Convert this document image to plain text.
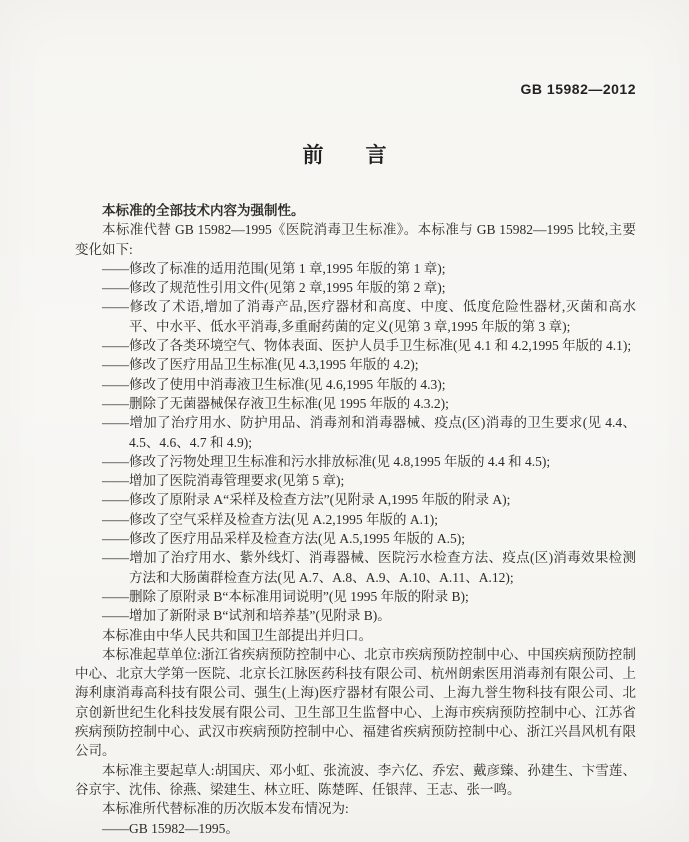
GB 15982—2012
前　　言

本标准的全部技术内容为强制性。

本标准代替 GB 15982—1995《医院消毒卫生标准》。本标准与 GB 15982—1995 比较,主要变化如下:

——修改了标准的适用范围(见第 1 章,1995 年版的第 1 章);

——修改了规范性引用文件(见第 2 章,1995 年版的第 2 章);

——修改了术语,增加了消毒产品,医疗器材和高度、中度、低度危险性器材,灭菌和高水平、中水平、低水平消毒,多重耐药菌的定义(见第 3 章,1995 年版的第 3 章);

——修改了各类环境空气、物体表面、医护人员手卫生标准(见 4.1 和 4.2,1995 年版的 4.1);

——修改了医疗用品卫生标准(见 4.3,1995 年版的 4.2);

——修改了使用中消毒液卫生标准(见 4.6,1995 年版的 4.3);

——删除了无菌器械保存液卫生标准(见 1995 年版的 4.3.2);

——增加了治疗用水、防护用品、消毒剂和消毒器械、疫点(区)消毒的卫生要求(见 4.4、4.5、4.6、4.7 和 4.9);

——修改了污物处理卫生标准和污水排放标准(见 4.8,1995 年版的 4.4 和 4.5);

——增加了医院消毒管理要求(见第 5 章);

——修改了原附录 A“采样及检查方法”(见附录 A,1995 年版的附录 A);

——修改了空气采样及检查方法(见 A.2,1995 年版的 A.1);

——修改了医疗用品采样及检查方法(见 A.5,1995 年版的 A.5);

——增加了治疗用水、紫外线灯、消毒器械、医院污水检查方法、疫点(区)消毒效果检测方法和大肠菌群检查方法(见 A.7、A.8、A.9、A.10、A.11、A.12);

——删除了原附录 B“本标准用词说明”(见 1995 年版的附录 B);

——增加了新附录 B“试剂和培养基”(见附录 B)。

本标准由中华人民共和国卫生部提出并归口。

本标准起草单位:浙江省疾病预防控制中心、北京市疾病预防控制中心、中国疾病预防控制中心、北京大学第一医院、北京长江脉医药科技有限公司、杭州朗索医用消毒剂有限公司、上海利康消毒高科技有限公司、强生(上海)医疗器材有限公司、上海九誉生物科技有限公司、北京创新世纪生化科技发展有限公司、卫生部卫生监督中心、上海市疾病预防控制中心、江苏省疾病预防控制中心、武汉市疾病预防控制中心、福建省疾病预防控制中心、浙江兴昌风机有限公司。

本标准主要起草人:胡国庆、邓小虹、张流波、李六亿、乔宏、戴彦臻、孙建生、卞雪莲、谷京宇、沈伟、徐燕、梁建生、林立旺、陈楚晖、任银萍、王志、张一鸣。

本标准所代替标准的历次版本发布情况为:

——GB 15982—1995。
